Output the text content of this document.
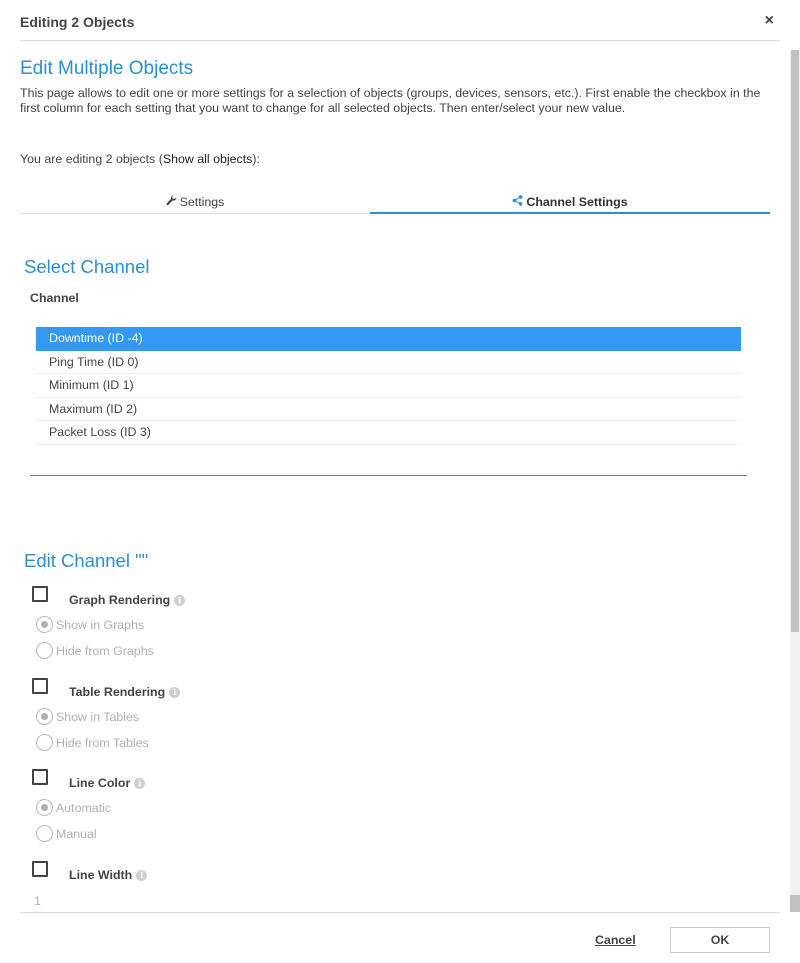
Editing 2 Objects	×
Edit Multiple Objects
This page allows to edit one or more settings for a selection of objects (groups, devices, sensors, etc.). First enable the checkbox in the first column for each setting that you want to change for all selected objects. Then enter/select your new value.
You are editing 2 objects (Show all objects):
Settings	Channel Settings
Select Channel
Channel
Downtime (ID -4)
Ping Time (ID 0)
Minimum (ID 1)
Maximum (ID 2)
Packet Loss (ID 3)
Edit Channel ""
Graph Rendering i
Show in Graphs
Hide from Graphs
Table Rendering i
Show in Tables
Hide from Tables
Line Color i
Automatic
Manual
Line Width i
1
Cancel	OK
